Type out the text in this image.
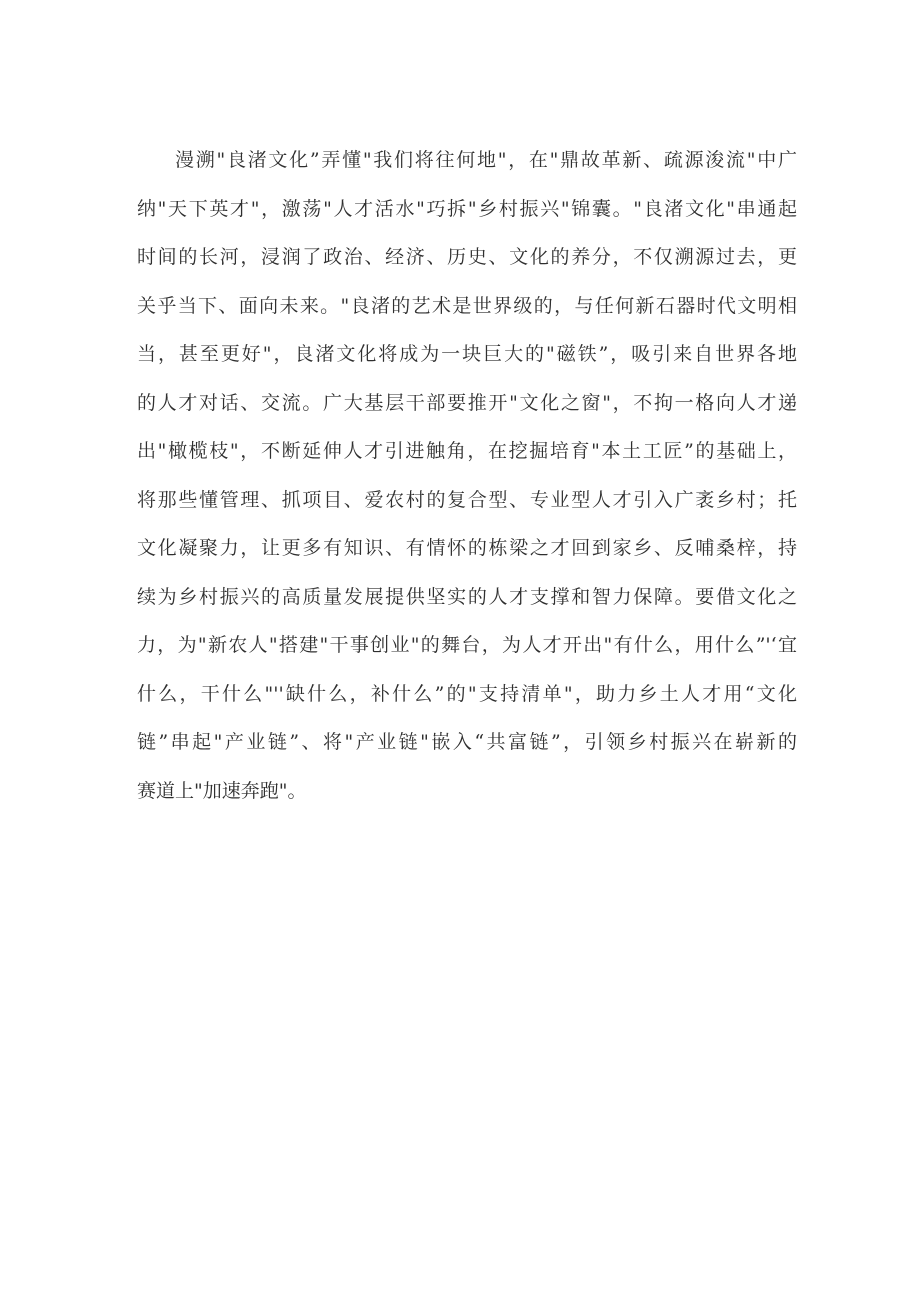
漫溯"良渚文化”弄懂"我们将往何地"，在"鼎故革新、疏源浚流"中广
纳"天下英才"，激荡"人才活水"巧拆"乡村振兴"锦囊。"良渚文化"串通起
时间的长河，浸润了政治、经济、历史、文化的养分，不仅溯源过去，更
关乎当下、面向未来。"良渚的艺术是世界级的，与任何新石器时代文明相
当，甚至更好"，良渚文化将成为一块巨大的"磁铁”，吸引来自世界各地
的人才对话、交流。广大基层干部要推开"文化之窗"，不拘一格向人才递
出"橄榄枝"，不断延伸人才引进触角，在挖掘培育"本土工匠”的基础上，
将那些懂管理、抓项目、爱农村的复合型、专业型人才引入广袤乡村；托
文化凝聚力，让更多有知识、有情怀的栋梁之才回到家乡、反哺桑梓，持
续为乡村振兴的高质量发展提供坚实的人才支撑和智力保障。要借文化之
力，为"新农人"搭建"干事创业"的舞台，为人才开出"有什么，用什么”'‘宜
什么，干什么"''缺什么，补什么”的"支持清单"，助力乡土人才用“文化
链”串起"产业链”、将"产业链"嵌入“共富链”，引领乡村振兴在崭新的
赛道上"加速奔跑"。
